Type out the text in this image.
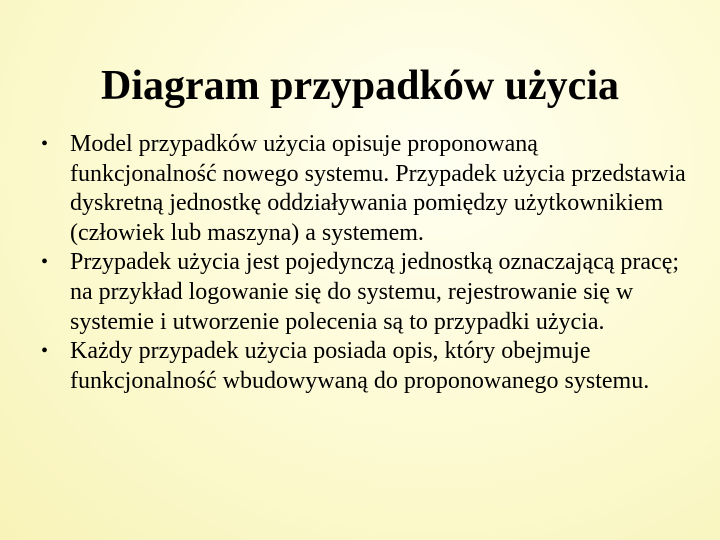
Diagram przypadków użycia
• Model przypadków użycia opisuje proponowaną funkcjonalność nowego systemu. Przypadek użycia przedstawia dyskretną jednostkę oddziaływania pomiędzy użytkownikiem (człowiek lub maszyna) a systemem.
• Przypadek użycia jest pojedynczą jednostką oznaczającą pracę; na przykład logowanie się do systemu, rejestrowanie się w systemie i utworzenie polecenia są to przypadki użycia.
• Każdy przypadek użycia posiada opis, który obejmuje funkcjonalność wbudowywaną do proponowanego systemu.
